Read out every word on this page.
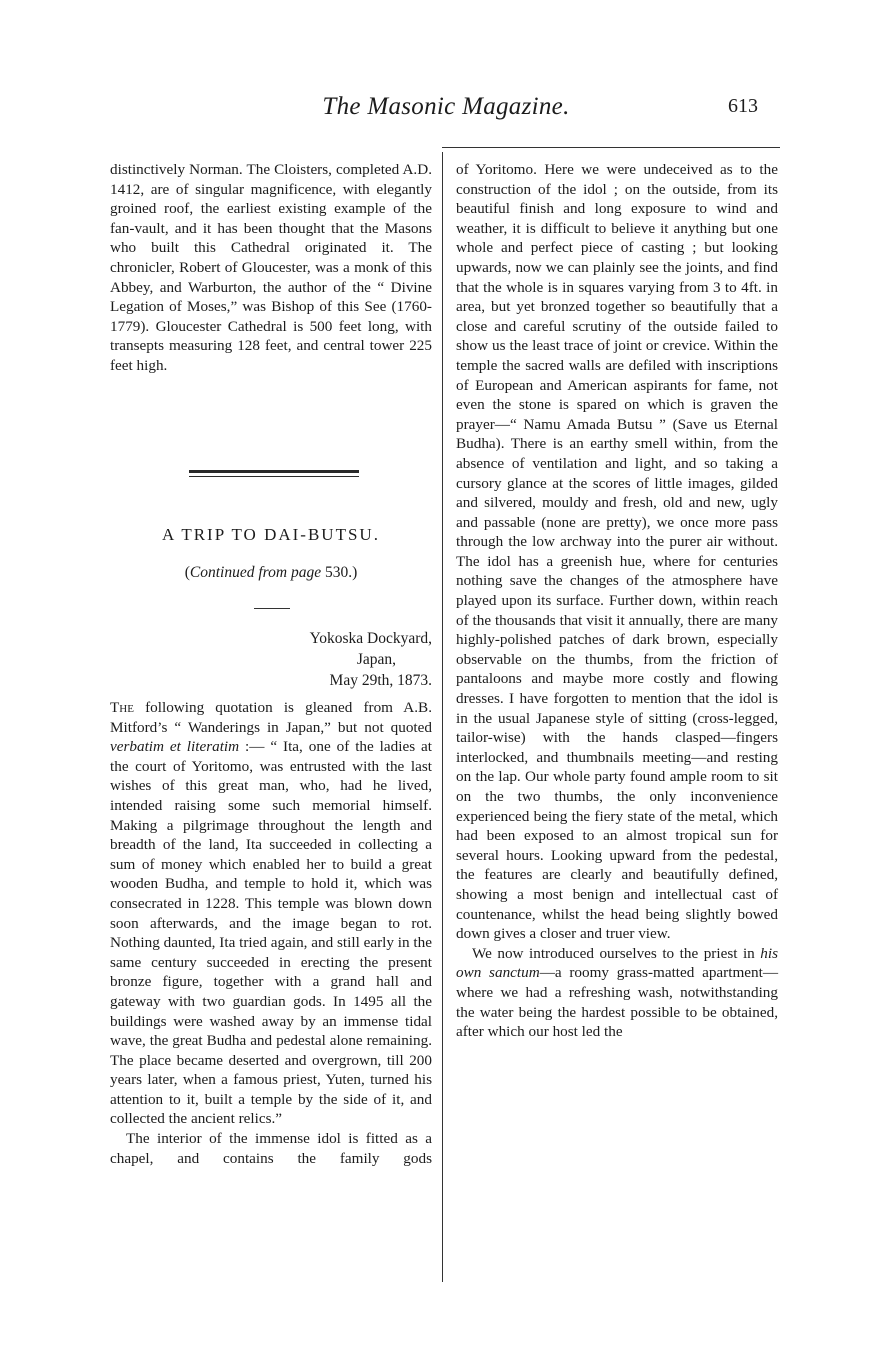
The Masonic Magazine.	613

distinctively Norman. The Cloisters, completed A.D. 1412, are of singular magnificence, with elegantly groined roof, the earliest existing example of the fan-vault, and it has been thought that the Masons who built this Cathedral originated it. The chronicler, Robert of Gloucester, was a monk of this Abbey, and Warburton, the author of the “ Divine Legation of Moses,” was Bishop of this See (1760-1779). Gloucester Cathedral is 500 feet long, with transepts measuring 128 feet, and central tower 225 feet high.

A TRIP TO DAI-BUTSU.
(Continued from page 530.)
Yokoska Dockyard,
Japan,
May 29th, 1873.

The following quotation is gleaned from A.B. Mitford’s “ Wanderings in Japan,” but not quoted verbatim et literatim :— “ Ita, one of the ladies at the court of Yoritomo, was entrusted with the last wishes of this great man, who, had he lived, intended raising some such memorial himself. Making a pilgrimage throughout the length and breadth of the land, Ita succeeded in collecting a sum of money which enabled her to build a great wooden Budha, and temple to hold it, which was consecrated in 1228. This temple was blown down soon afterwards, and the image began to rot. Nothing daunted, Ita tried again, and still early in the same century succeeded in erecting the present bronze figure, together with a grand hall and gateway with two guardian gods. In 1495 all the buildings were washed away by an immense tidal wave, the great Budha and pedestal alone remaining. The place became deserted and overgrown, till 200 years later, when a famous priest, Yuten, turned his attention to it, built a temple by the side of it, and collected the ancient relics.”

The interior of the immense idol is fitted as a chapel, and contains the family gods

of Yoritomo. Here we were undeceived as to the construction of the idol ; on the outside, from its beautiful finish and long exposure to wind and weather, it is difficult to believe it anything but one whole and perfect piece of casting ; but looking upwards, now we can plainly see the joints, and find that the whole is in squares varying from 3 to 4ft. in area, but yet bronzed together so beautifully that a close and careful scrutiny of the outside failed to show us the least trace of joint or crevice. Within the temple the sacred walls are defiled with inscriptions of European and American aspirants for fame, not even the stone is spared on which is graven the prayer—“ Namu Amada Butsu ” (Save us Eternal Budha). There is an earthy smell within, from the absence of ventilation and light, and so taking a cursory glance at the scores of little images, gilded and silvered, mouldy and fresh, old and new, ugly and passable (none are pretty), we once more pass through the low archway into the purer air without. The idol has a greenish hue, where for centuries nothing save the changes of the atmosphere have played upon its surface. Further down, within reach of the thousands that visit it annually, there are many highly-polished patches of dark brown, especially observable on the thumbs, from the friction of pantaloons and maybe more costly and flowing dresses. I have forgotten to mention that the idol is in the usual Japanese style of sitting (cross-legged, tailor-wise) with the hands clasped—fingers interlocked, and thumbnails meeting—and resting on the lap. Our whole party found ample room to sit on the two thumbs, the only inconvenience experienced being the fiery state of the metal, which had been exposed to an almost tropical sun for several hours. Looking upward from the pedestal, the features are clearly and beautifully defined, showing a most benign and intellectual cast of countenance, whilst the head being slightly bowed down gives a closer and truer view.

We now introduced ourselves to the priest in his own sanctum—a roomy grass-matted apartment—where we had a refreshing wash, notwithstanding the water being the hardest possible to be obtained, after which our host led the
